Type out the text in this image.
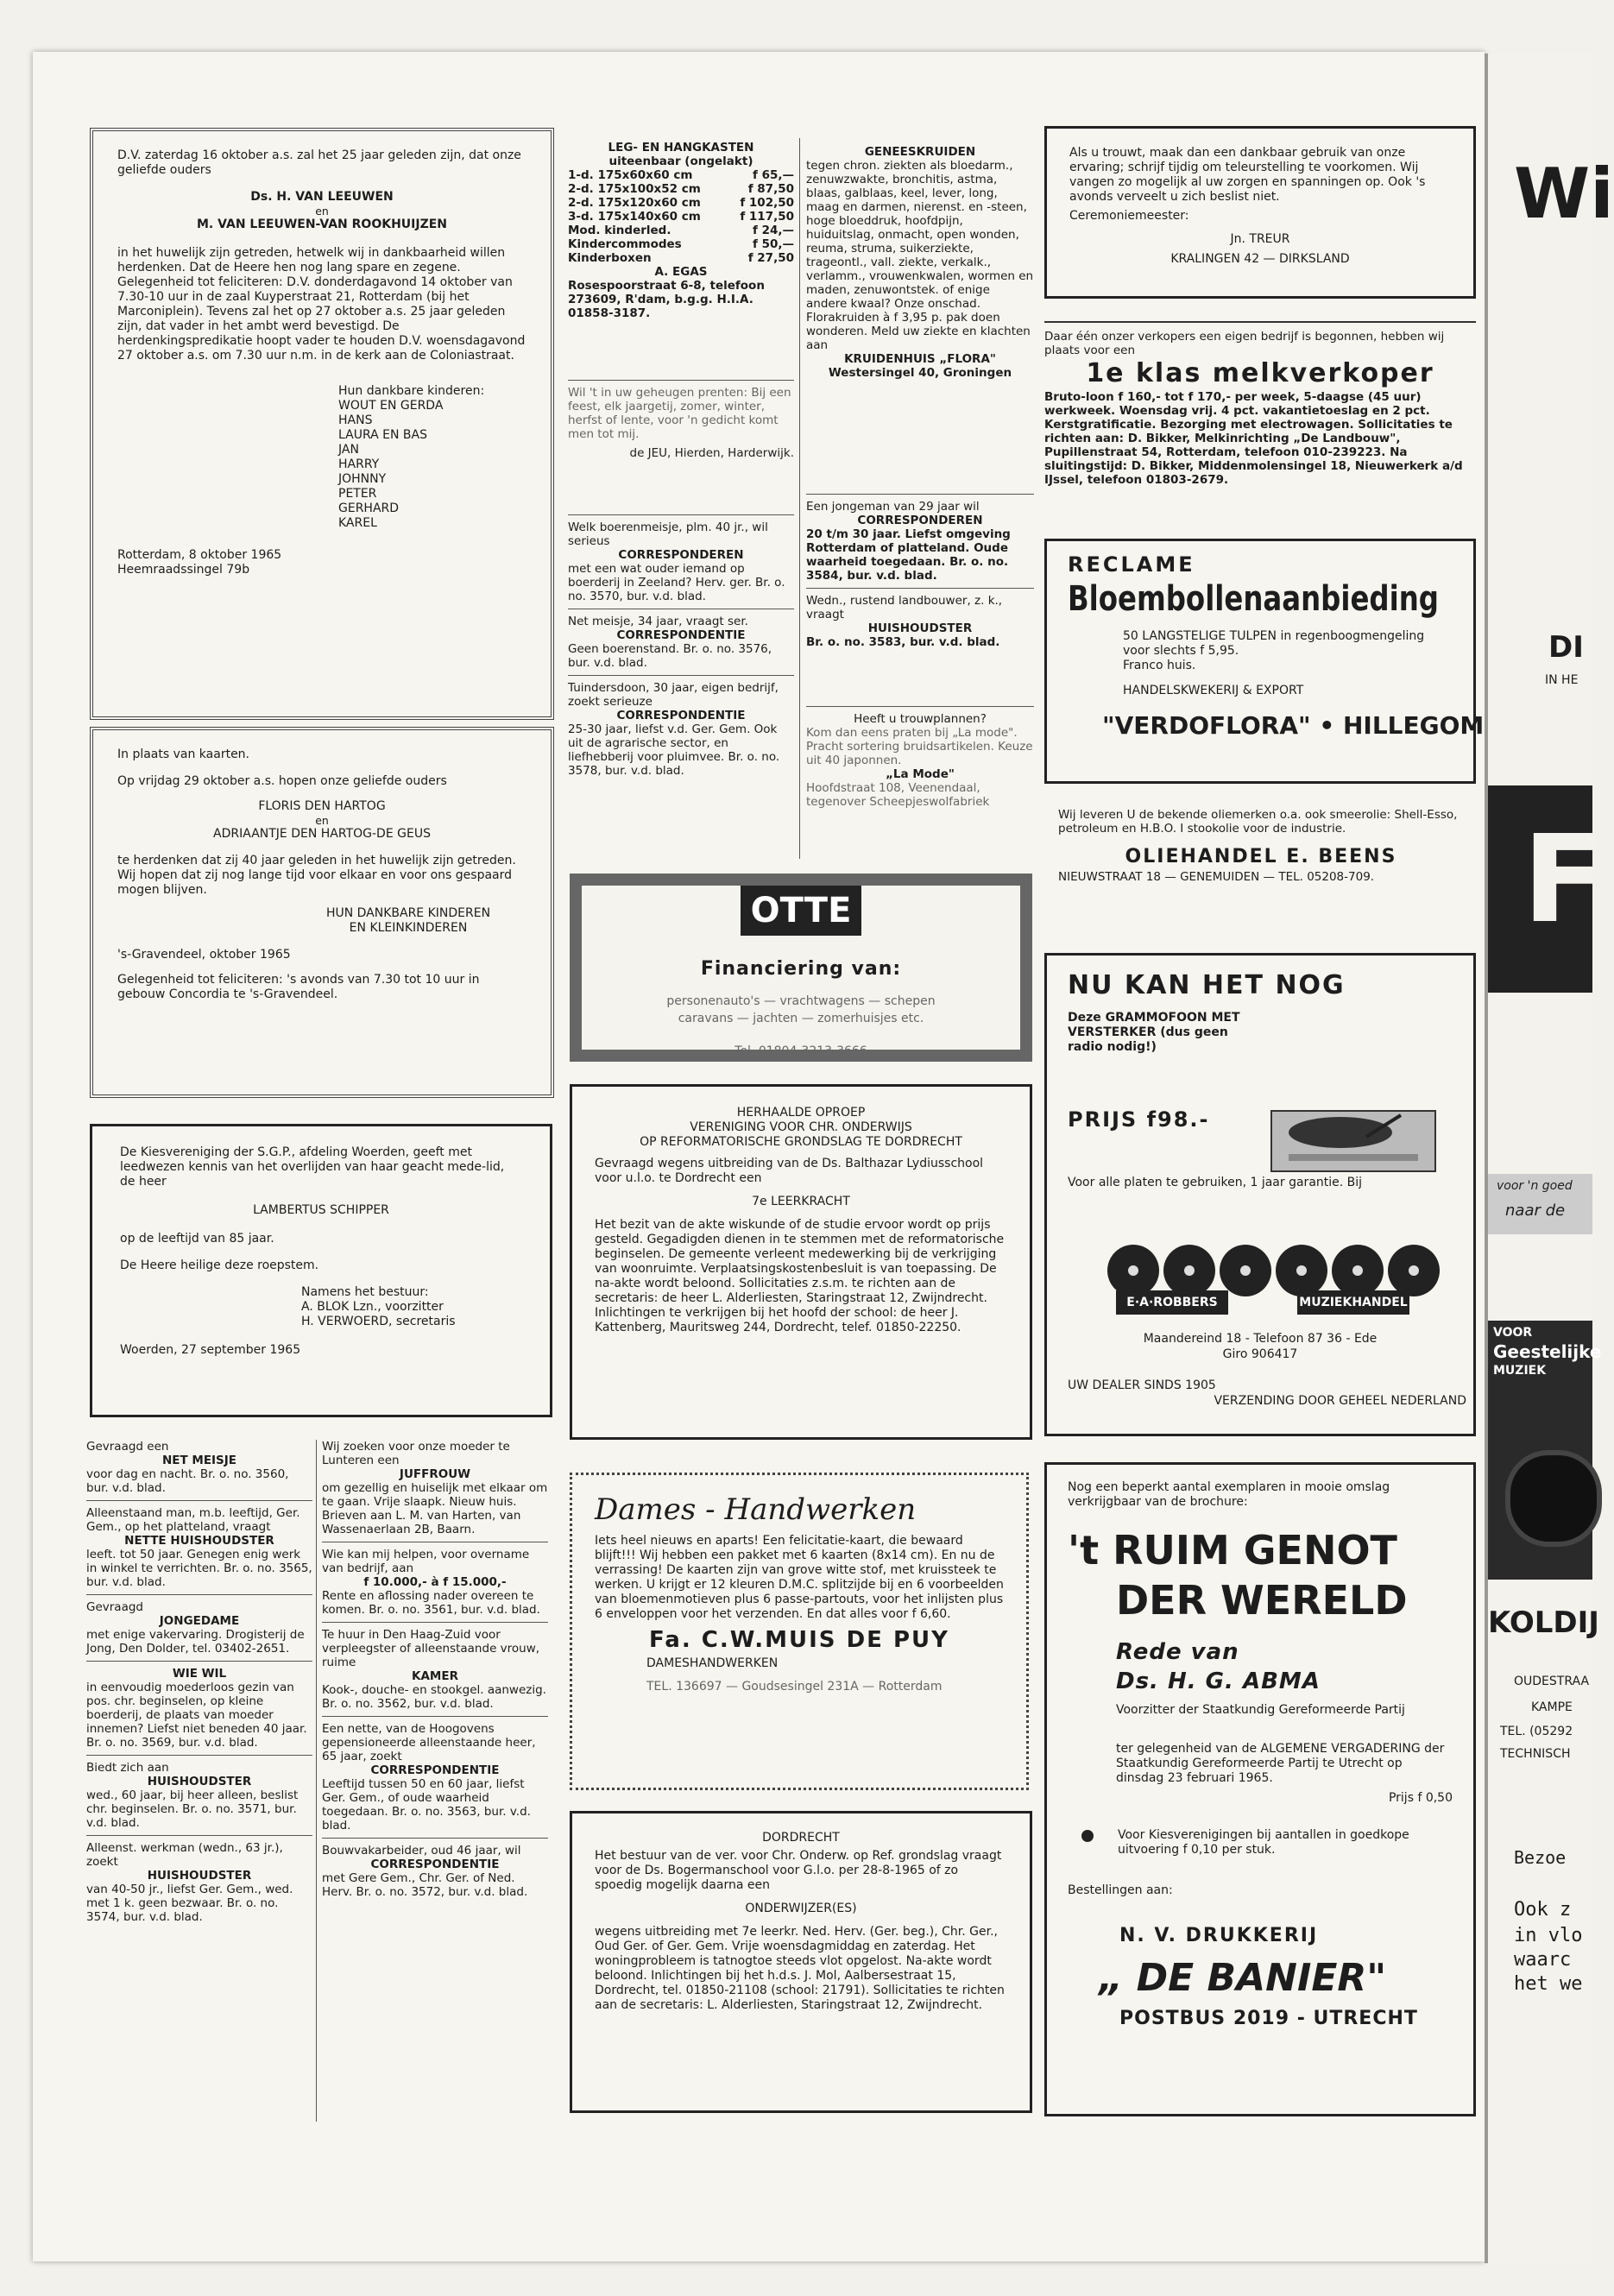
D.V. zaterdag 16 oktober a.s. zal het 25 jaar geleden zijn, dat onze geliefde ouders

Ds. H. VAN LEEUWEN
en
M. VAN LEEUWEN-VAN ROOKHUIJZEN

in het huwelijk zijn getreden, hetwelk wij in dankbaarheid willen herdenken. Dat de Heere hen nog lang spare en zegene. Gelegenheid tot feliciteren: D.V. donderdagavond 14 oktober van 7.30-10 uur in de zaal Kuyperstraat 21, Rotterdam (bij het Marconiplein). Tevens zal het op 27 oktober a.s. 25 jaar geleden zijn, dat vader in het ambt werd bevestigd. De herdenkingspredikatie hoopt vader te houden D.V. woensdagavond 27 oktober a.s. om 7.30 uur n.m. in de kerk aan de Coloniastraat.

Hun dankbare kinderen:
WOUT EN GERDA
HANS
LAURA EN BAS
JAN
HARRY
JOHNNY
PETER
GERHARD
KAREL
Rotterdam, 8 oktober 1965
Heemraadssingel 79b

In plaats van kaarten.

Op vrijdag 29 oktober a.s. hopen onze geliefde ouders

FLORIS DEN HARTOG
en
ADRIAANTJE DEN HARTOG-DE GEUS

te herdenken dat zij 40 jaar geleden in het huwelijk zijn getreden. Wij hopen dat zij nog lange tijd voor elkaar en voor ons gespaard mogen blijven.

HUN DANKBARE KINDEREN
EN KLEINKINDEREN

's-Gravendeel, oktober 1965

Gelegenheid tot feliciteren: 's avonds van 7.30 tot 10 uur in gebouw Concordia te 's-Gravendeel.

De Kiesvereniging der S.G.P., afdeling Woerden, geeft met leedwezen kennis van het overlijden van haar geacht mede-lid, de heer

LAMBERTUS SCHIPPER

op de leeftijd van 85 jaar.

De Heere heilige deze roepstem.

Namens het bestuur:
A. BLOK Lzn., voorzitter
H. VERWOERD, secretaris

Woerden, 27 september 1965

Gevraagd een
NET MEISJE
voor dag en nacht. Br. o. no. 3560, bur. v.d. blad.
Alleenstaand man, m.b. leeftijd, Ger. Gem., op het platteland, vraagt
NETTE HUISHOUDSTER
leeft. tot 50 jaar. Genegen enig werk in winkel te verrichten. Br. o. no. 3565, bur. v.d. blad.
Gevraagd
JONGEDAME
met enige vakervaring. Drogisterij de Jong, Den Dolder, tel. 03402-2651.
WIE WIL
in eenvoudig moederloos gezin van pos. chr. beginselen, op kleine boerderij, de plaats van moeder innemen? Liefst niet beneden 40 jaar. Br. o. no. 3569, bur. v.d. blad.
Biedt zich aan
HUISHOUDSTER
wed., 60 jaar, bij heer alleen, beslist chr. beginselen. Br. o. no. 3571, bur. v.d. blad.
Alleenst. werkman (wedn., 63 jr.), zoekt
HUISHOUDSTER
van 40-50 jr., liefst Ger. Gem., wed. met 1 k. geen bezwaar. Br. o. no. 3574, bur. v.d. blad.
Wij zoeken voor onze moeder te Lunteren een
JUFFROUW
om gezellig en huiselijk met elkaar om te gaan. Vrije slaapk. Nieuw huis. Brieven aan L. M. van Harten, van Wassenaerlaan 2B, Baarn.
Wie kan mij helpen, voor overname van bedrijf, aan
f 10.000,- à f 15.000,-
Rente en aflossing nader overeen te komen. Br. o. no. 3561, bur. v.d. blad.
Te huur in Den Haag-Zuid voor verpleegster of alleenstaande vrouw, ruime
KAMER
Kook-, douche- en stookgel. aanwezig. Br. o. no. 3562, bur. v.d. blad.
Een nette, van de Hoogovens gepensioneerde alleenstaande heer, 65 jaar, zoekt
CORRESPONDENTIE
Leeftijd tussen 50 en 60 jaar, liefst Ger. Gem., of oude waarheid toegedaan. Br. o. no. 3563, bur. v.d. blad.
Bouwvakarbeider, oud 46 jaar, wil
CORRESPONDENTIE
met Gere Gem., Chr. Ger. of Ned. Herv. Br. o. no. 3572, bur. v.d. blad.
LEG- EN HANGKASTEN
uiteenbaar (ongelakt)
1-d. 175x60x60 cm	f 65,—
2-d. 175x100x52 cm	f 87,50
2-d. 175x120x60 cm	f 102,50
3-d. 175x140x60 cm	f 117,50
Mod. kinderled.	f 24,—
Kindercommodes	f 50,—
Kinderboxen	f 27,50
A. EGAS
Rosespoorstraat 6-8, telefoon 273609, R'dam, b.g.g. H.I.A. 01858-3187.
Wil 't in uw geheugen prenten: Bij een feest, elk jaargetij, zomer, winter, herfst of lente, voor 'n gedicht komt men tot mij.
de JEU, Hierden, Harderwijk.
Welk boerenmeisje, plm. 40 jr., wil serieus
CORRESPONDEREN
met een wat ouder iemand op boerderij in Zeeland? Herv. ger. Br. o. no. 3570, bur. v.d. blad.
Net meisje, 34 jaar, vraagt ser.
CORRESPONDENTIE
Geen boerenstand. Br. o. no. 3576, bur. v.d. blad.
Tuindersdoon, 30 jaar, eigen bedrijf, zoekt serieuze
CORRESPONDENTIE
25-30 jaar, liefst v.d. Ger. Gem. Ook uit de agrarische sector, en liefhebberij voor pluimvee. Br. o. no. 3578, bur. v.d. blad.
GENEESKRUIDEN
tegen chron. ziekten als bloedarm., zenuwzwakte, bronchitis, astma, blaas, galblaas, keel, lever, long, maag en darmen, nierenst. en -steen, hoge bloeddruk, hoofdpijn, huiduitslag, onmacht, open wonden, reuma, struma, suikerziekte, trageontl., vall. ziekte, verkalk., verlamm., vrouwenkwalen, wormen en maden, zenuwontstek. of enige andere kwaal? Onze onschad. Florakruiden à f 3,95 p. pak doen wonderen. Meld uw ziekte en klachten aan
KRUIDENHUIS „FLORA"
Westersingel 40, Groningen
Een jongeman van 29 jaar wil
CORRESPONDEREN
20 t/m 30 jaar. Liefst omgeving Rotterdam of platteland. Oude waarheid toegedaan. Br. o. no. 3584, bur. v.d. blad.
Wedn., rustend landbouwer, z. k., vraagt
HUISHOUDSTER
Br. o. no. 3583, bur. v.d. blad.
Heeft u trouwplannen?
Kom dan eens praten bij „La mode". Pracht sortering bruidsartikelen. Keuze uit 40 japonnen.
„La Mode"
Hoofdstraat 108, Veenendaal, tegenover Scheepjeswolfabriek
OTTE
Financiering van:
personenauto's — vrachtwagens — schepen
caravans — jachten — zomerhuisjes etc.
Tel. 01804-3213-3666
HERHAALDE OPROEP
VERENIGING VOOR CHR. ONDERWIJS
OP REFORMATORISCHE GRONDSLAG TE DORDRECHT

Gevraagd wegens uitbreiding van de Ds. Balthazar Lydiusschool voor u.l.o. te Dordrecht een

7e LEERKRACHT

Het bezit van de akte wiskunde of de studie ervoor wordt op prijs gesteld. Gegadigden dienen in te stemmen met de reformatorische beginselen. De gemeente verleent medewerking bij de verkrijging van woonruimte. Verplaatsingskostenbesluit is van toepassing. De na-akte wordt beloond. Sollicitaties z.s.m. te richten aan de secretaris: de heer L. Alderliesten, Staringstraat 12, Zwijndrecht. Inlichtingen te verkrijgen bij het hoofd der school: de heer J. Kattenberg, Mauritsweg 244, Dordrecht, telef. 01850-22250.

Dames - Handwerken

Iets heel nieuws en aparts! Een felicitatie-kaart, die bewaard blijft!!! Wij hebben een pakket met 6 kaarten (8x14 cm). En nu de verrassing! De kaarten zijn van grove witte stof, met kruissteek te werken. U krijgt er 12 kleuren D.M.C. splitzijde bij en 6 voorbeelden van bloemenmotieven plus 6 passe-partouts, voor het inlijsten plus 6 enveloppen voor het verzenden. En dat alles voor f 6,60.

Fa. C.W.MUIS DE PUY
DAMESHANDWERKEN
TEL. 136697 — Goudsesingel 231A — Rotterdam
DORDRECHT

Het bestuur van de ver. voor Chr. Onderw. op Ref. grondslag vraagt voor de Ds. Bogermanschool voor G.l.o. per 28-8-1965 of zo spoedig mogelijk daarna een

ONDERWIJZER(ES)

wegens uitbreiding met 7e leerkr. Ned. Herv. (Ger. beg.), Chr. Ger., Oud Ger. of Ger. Gem. Vrije woensdagmiddag en zaterdag. Het woningprobleem is tatnogtoe steeds vlot opgelost. Na-akte wordt beloond. Inlichtingen bij het h.d.s. J. Mol, Aalbersestraat 15, Dordrecht, tel. 01850-21108 (school: 21791). Sollicitaties te richten aan de secretaris: L. Alderliesten, Staringstraat 12, Zwijndrecht.

Als u trouwt, maak dan een dankbaar gebruik van onze ervaring; schrijf tijdig om teleurstelling te voorkomen. Wij vangen zo mogelijk al uw zorgen en spanningen op. Ook 's avonds verveelt u zich beslist niet.

Ceremoniemeester:
Jn. TREUR
KRALINGEN 42 — DIRKSLAND
Daar één onzer verkopers een eigen bedrijf is begonnen, hebben wij plaats voor een
1e klas melkverkoper
Bruto-loon f 160,- tot f 170,- per week, 5-daagse (45 uur) werkweek. Woensdag vrij. 4 pct. vakantietoeslag en 2 pct. Kerstgratificatie. Bezorging met electrowagen. Sollicitaties te richten aan: D. Bikker, Melkinrichting „De Landbouw", Pupillenstraat 54, Rotterdam, telefoon 010-239223. Na sluitingstijd: D. Bikker, Middenmolensingel 18, Nieuwerkerk a/d IJssel, telefoon 01803-2679.
RECLAME
Bloembollenaanbieding
50 LANGSTELIGE TULPEN in regenboogmengeling
voor slechts f 5,95.
Franco huis.
HANDELSKWEKERIJ & EXPORT
"VERDOFLORA" • HILLEGOM
Wij leveren U de bekende oliemerken o.a. ook smeerolie: Shell-Esso, petroleum en H.B.O. I stookolie voor de industrie.
OLIEHANDEL E. BEENS
NIEUWSTRAAT 18 — GENEMUIDEN — TEL. 05208-709.
NU KAN HET NOG
Deze GRAMMOFOON MET VERSTERKER (dus geen radio nodig!)
PRIJS f98.-
Voor alle platen te gebruiken, 1 jaar garantie. Bij
E·A·ROBBERS	MUZIEKHANDEL
Maandereind 18 - Telefoon 87 36 - Ede
Giro 906417
UW DEALER SINDS 1905
VERZENDING DOOR GEHEEL NEDERLAND
Nog een beperkt aantal exemplaren in mooie omslag verkrijgbaar van de brochure:
't RUIM GENOT
DER WERELD
Rede van
Ds. H. G. ABMA
Voorzitter der Staatkundig Gereformeerde Partij
ter gelegenheid van de ALGEMENE VERGADERING der Staatkundig Gereformeerde Partij te Utrecht op dinsdag 23 februari 1965.
Prijs f 0,50
Voor Kiesverenigingen bij aantallen in goedkope uitvoering f 0,10 per stuk.
Bestellingen aan:
N. V. DRUKKERIJ
„ DE BANIER"
POSTBUS 2019 - UTRECHT
Wi
DI
IN HE
F
voor 'n goed
naar de
VOOR
Geestelijke
MUZIEK
KOLDIJ
OUDESTRAA
KAMPE
TEL. (05292
TECHNISCH
Bezoe
Ook z
in vlo
waarc
het we
